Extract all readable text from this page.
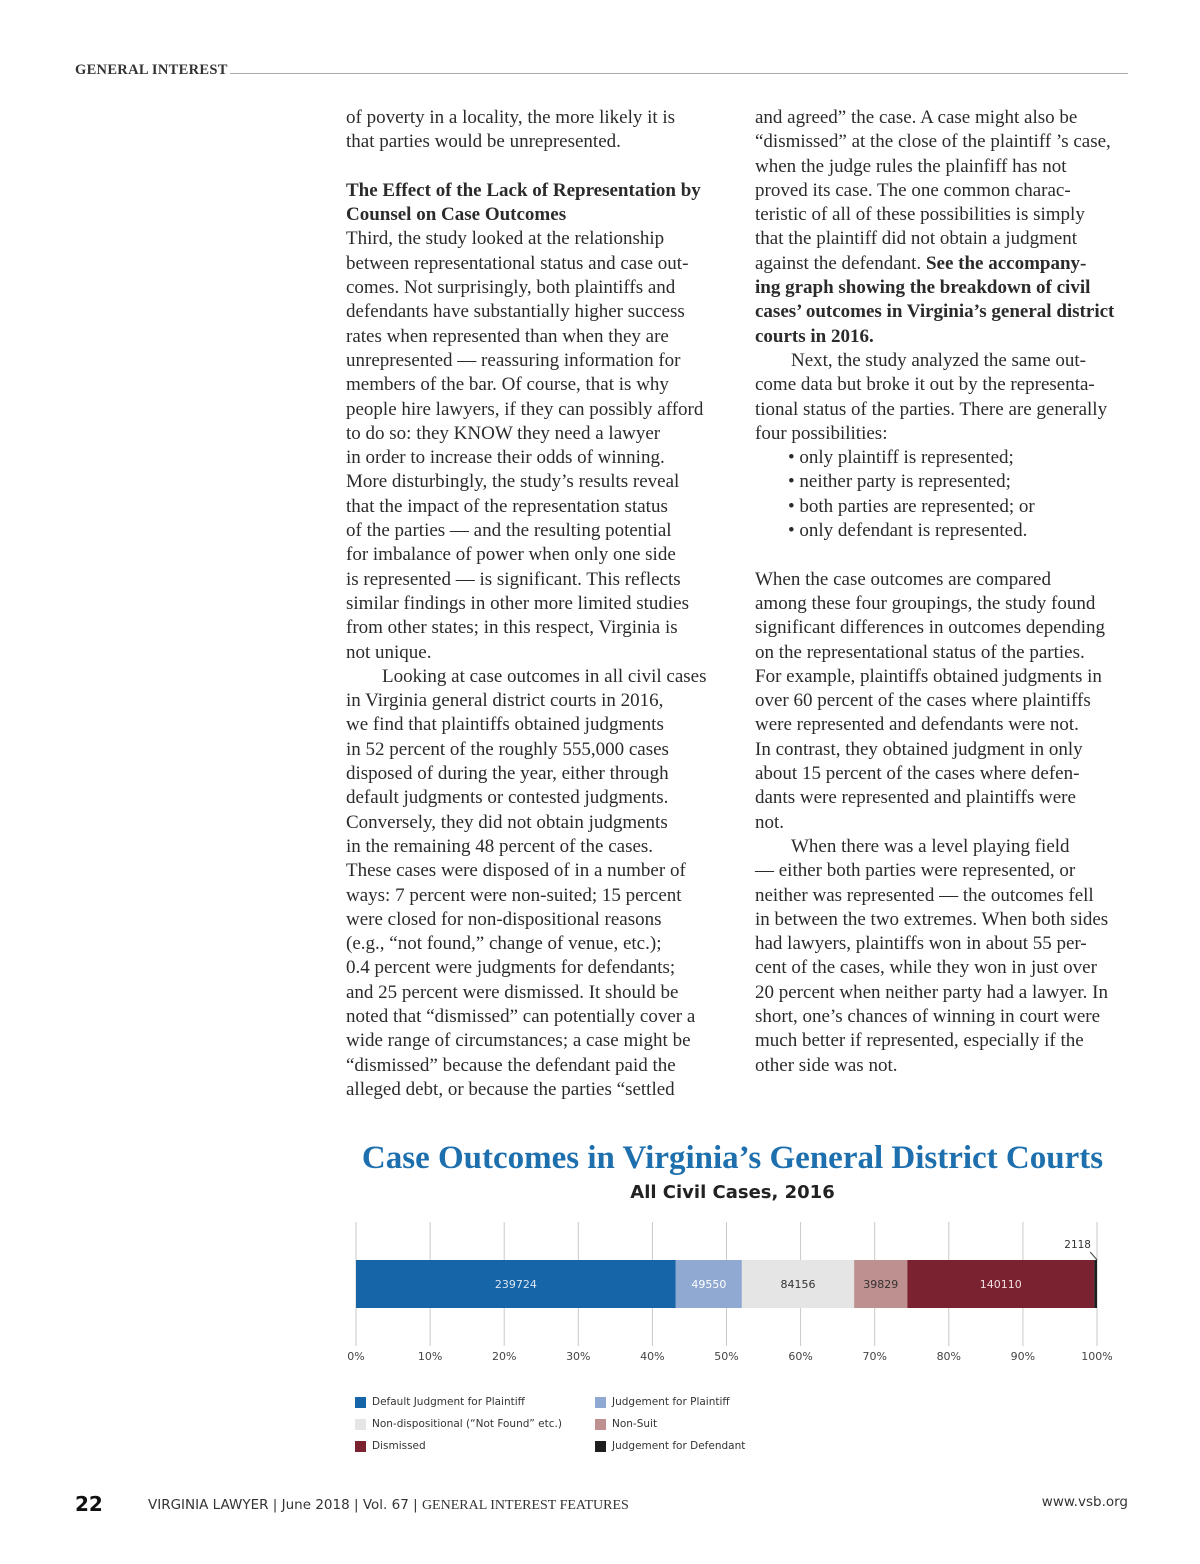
GENERAL INTEREST
of poverty in a locality, the more likely it is
that parties would be unrepresented.
The Effect of the Lack of Representation by
Counsel on Case Outcomes
Third, the study looked at the relationship
between representational status and case out-
comes. Not surprisingly, both plaintiffs and
defendants have substantially higher success
rates when represented than when they are
unrepresented — reassuring information for
members of the bar. Of course, that is why
people hire lawyers, if they can possibly afford
to do so: they KNOW they need a lawyer
in order to increase their odds of winning.
More disturbingly, the study’s results reveal
that the impact of the representation status
of the parties — and the resulting potential
for imbalance of power when only one side
is represented — is significant. This reflects
similar findings in other more limited studies
from other states; in this respect, Virginia is
not unique.
Looking at case outcomes in all civil cases
in Virginia general district courts in 2016,
we find that plaintiffs obtained judgments
in 52 percent of the roughly 555,000 cases
disposed of during the year, either through
default judgments or contested judgments.
Conversely, they did not obtain judgments
in the remaining 48 percent of the cases.
These cases were disposed of in a number of
ways: 7 percent were non-suited; 15 percent
were closed for non-dispositional reasons
(e.g., “not found,” change of venue, etc.);
0.4 percent were judgments for defendants;
and 25 percent were dismissed. It should be
noted that “dismissed” can potentially cover a
wide range of circumstances; a case might be
“dismissed” because the defendant paid the
alleged debt, or because the parties “settled
and agreed” the case. A case might also be
“dismissed” at the close of the plaintiff ’s case,
when the judge rules the plainfiff has not
proved its case. The one common charac-
teristic of all of these possibilities is simply
that the plaintiff did not obtain a judgment
against the defendant. See the accompany-
ing graph showing the breakdown of civil
cases’ outcomes in Virginia’s general district
courts in 2016.
Next, the study analyzed the same out-
come data but broke it out by the representa-
tional status of the parties. There are generally
four possibilities:
• only plaintiff is represented;
• neither party is represented;
• both parties are represented; or
• only defendant is represented.
When the case outcomes are compared
among these four groupings, the study found
significant differences in outcomes depending
on the representational status of the parties.
For example, plaintiffs obtained judgments in
over 60 percent of the cases where plaintiffs
were represented and defendants were not.
In contrast, they obtained judgment in only
about 15 percent of the cases where defen-
dants were represented and plaintiffs were
not.
When there was a level playing field
— either both parties were represented, or
neither was represented — the outcomes fell
in between the two extremes. When both sides
had lawyers, plaintiffs won in about 55 per-
cent of the cases, while they won in just over
20 percent when neither party had a lawyer. In
short, one’s chances of winning in court were
much better if represented, especially if the
other side was not.
Case Outcomes in Virginia’s General District Courts
All Civil Cases, 2016
239724	49550	84156	39829	140110
2118
0%	10%	20%	30%	40%	50%	60%	70%	80%	90%	100%
Default Judgment for Plaintiff	Judgement for Plaintiff
Non-dispositional (“Not Found” etc.)	Non-Suit
Dismissed	Judgement for Defendant
22	VIRGINIA LAWYER | June 2018 | Vol. 67 | GENERAL INTEREST FEATURES	www.vsb.org
